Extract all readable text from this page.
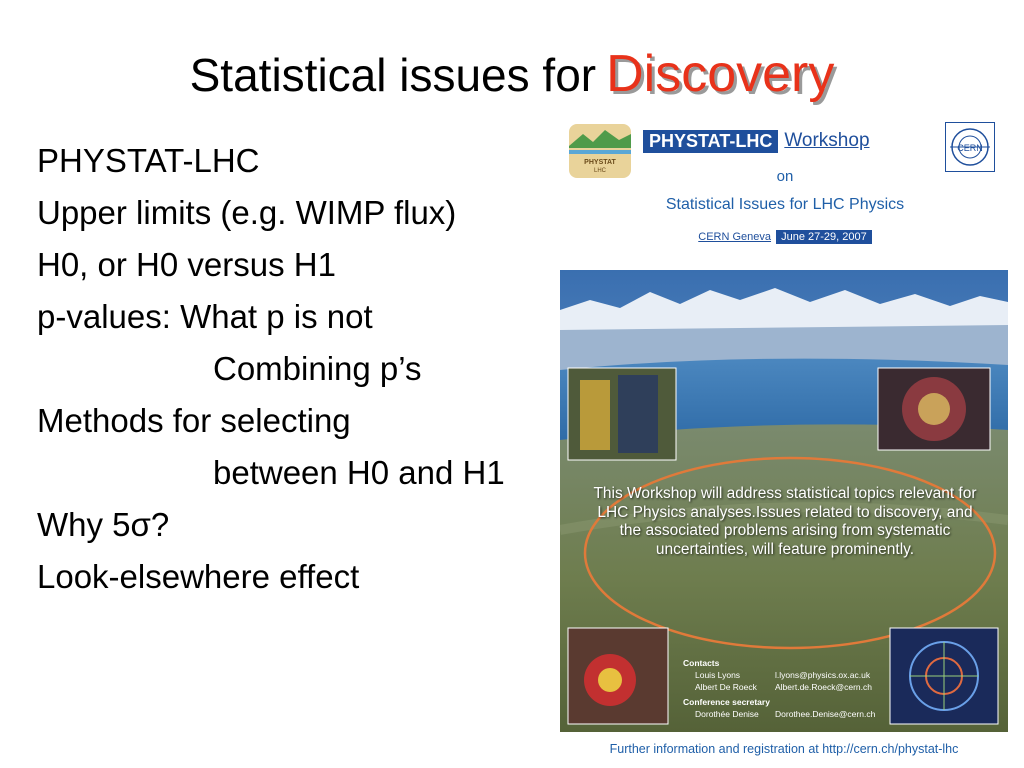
Statistical issues for Discovery
PHYSTAT-LHC
Upper limits (e.g. WIMP flux)
H0, or H0 versus H1
p-values: What p is not
Combining p’s
Methods for selecting
between H0 and H1
Why 5σ?
Look-elsewhere effect
PHYSTAT
LHC
PHYSTAT-LHC Workshop	CERN
on
Statistical Issues for LHC Physics
CERN Geneva June 27-29, 2007
This Workshop will address statistical topics relevant for LHC Physics analyses.Issues related to discovery, and the associated problems arising from systematic uncertainties, will feature prominently.
Contacts
Louis Lyons	l.lyons@physics.ox.ac.uk
Albert De Roeck	Albert.de.Roeck@cern.ch
Conference secretary
Dorothée Denise	Dorothee.Denise@cern.ch
Further information and registration at http://cern.ch/phystat-lhc
